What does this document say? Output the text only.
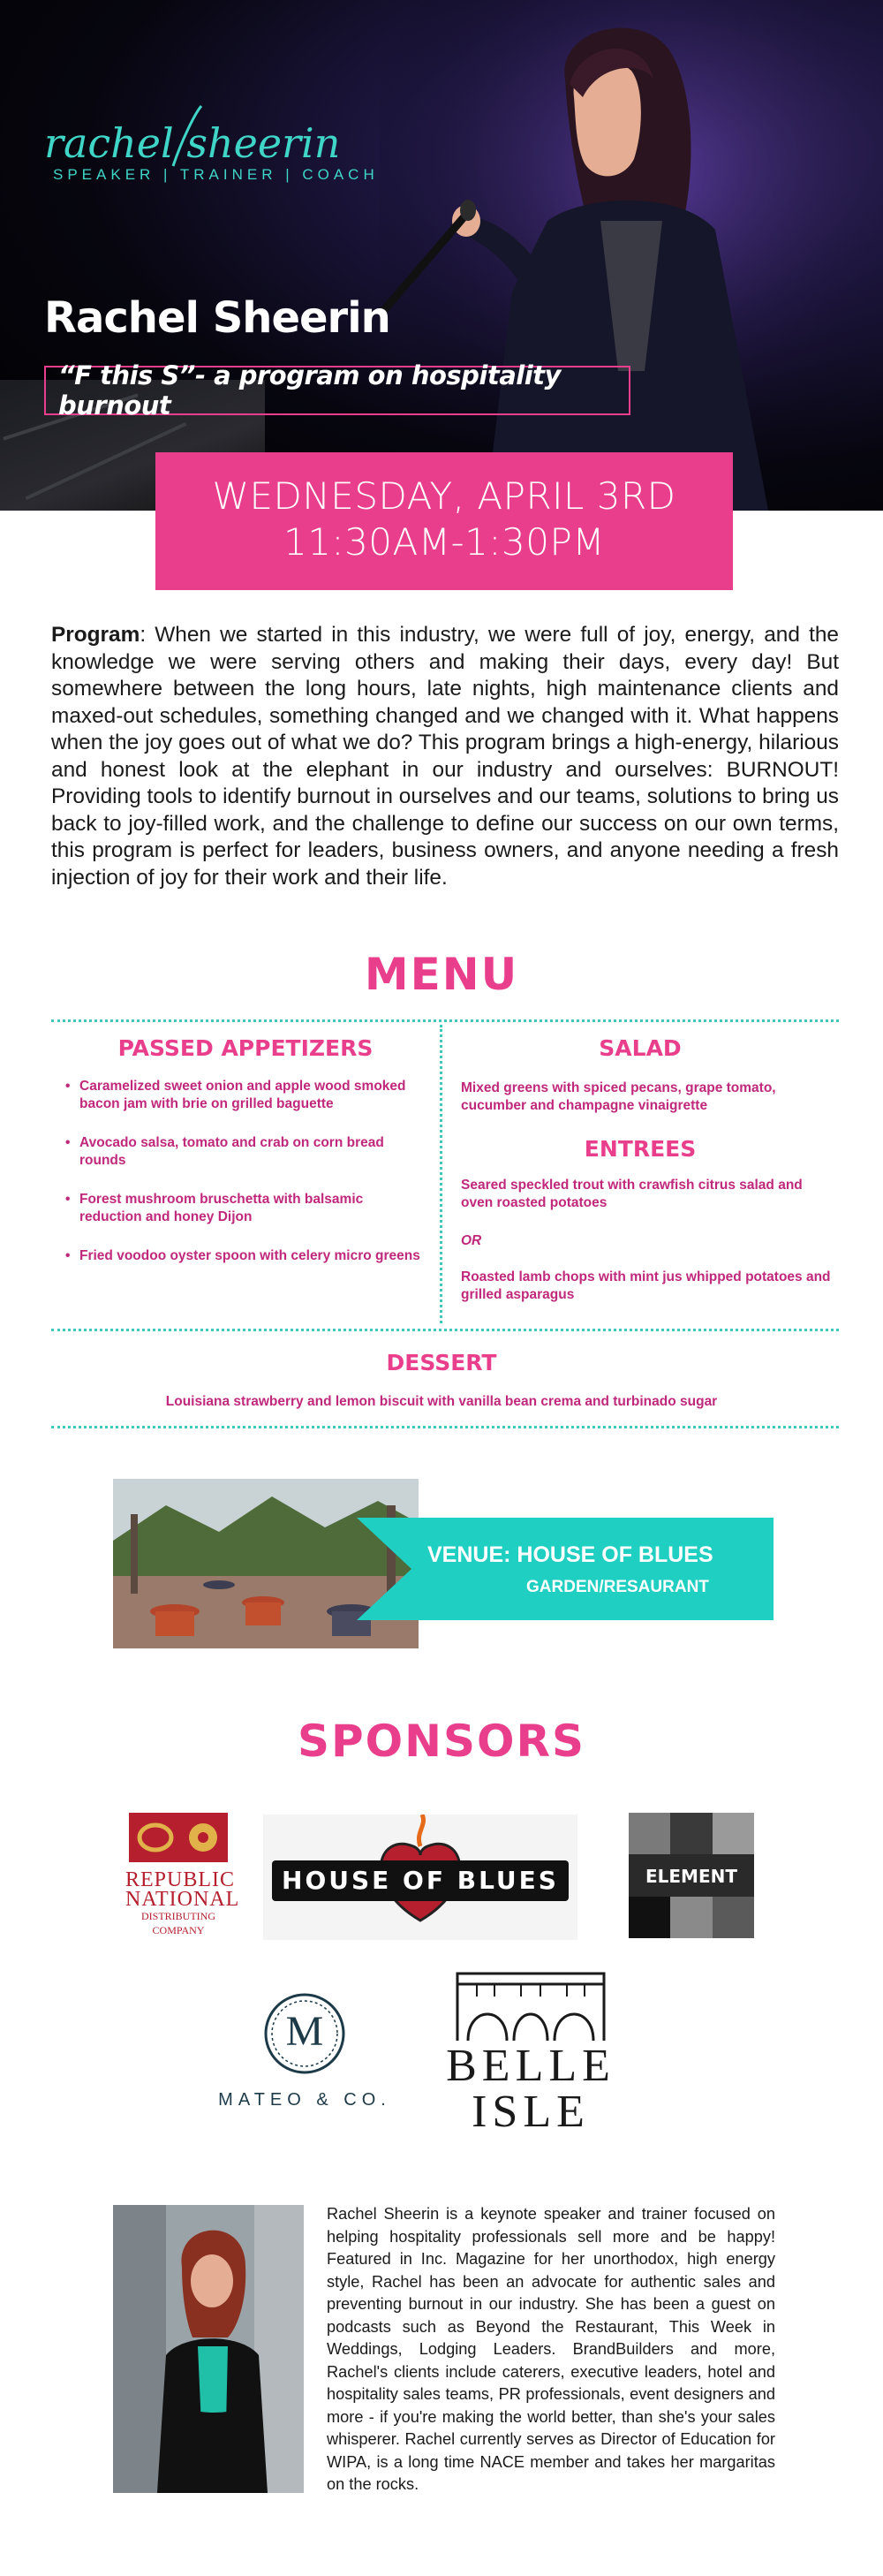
rachel sheerin
SPEAKER | TRAINER | COACH
Rachel Sheerin
“F this S”- a program on hospitality burnout
WEDNESDAY, APRIL 3RD
11:30AM-1:30PM

Program: When we started in this industry, we were full of joy, energy, and the knowledge we were serving others and making their days, every day! But somewhere between the long hours, late nights, high maintenance clients and maxed-out schedules, something changed and we changed with it. What happens when the joy goes out of what we do? This program brings a high-energy, hilarious and honest look at the elephant in our industry and ourselves: BURNOUT! Providing tools to identify burnout in ourselves and our teams, solutions to bring us back to joy-filled work, and the challenge to define our success on our own terms, this program is perfect for leaders, business owners, and anyone needing a fresh injection of joy for their work and their life.

MENU
PASSED APPETIZERS
• Caramelized sweet onion and apple wood smoked bacon jam with brie on grilled baguette
• Avocado salsa, tomato and crab on corn bread rounds
• Forest mushroom bruschetta with balsamic reduction and honey Dijon
• Fried voodoo oyster spoon with celery micro greens
SALAD
Mixed greens with spiced pecans, grape tomato, cucumber and champagne vinaigrette
ENTREES
Seared speckled trout with crawfish citrus salad and oven roasted potatoes
OR
Roasted lamb chops with mint jus whipped potatoes and grilled asparagus
DESSERT
Louisiana strawberry and lemon biscuit with vanilla bean crema and turbinado sugar
VENUE: HOUSE OF BLUES
GARDEN/RESAURANT
SPONSORS
REPUBLIC
NATIONAL
DISTRIBUTING COMPANY
HOUSE OF BLUES	ELEMENT
M
MATEO & CO.
BELLE
ISLE

Rachel Sheerin is a keynote speaker and trainer focused on helping hospitality professionals sell more and be happy! Featured in Inc. Magazine for her unorthodox, high energy style, Rachel has been an advocate for authentic sales and preventing burnout in our industry. She has been a guest on podcasts such as Beyond the Restaurant, This Week in Weddings, Lodging Leaders. BrandBuilders and more, Rachel's clients include caterers, executive leaders, hotel and hospitality sales teams, PR professionals, event designers and more - if you're making the world better, than she's your sales whisperer. Rachel currently serves as Director of Education for WIPA, is a long time NACE member and takes her margaritas on the rocks.
